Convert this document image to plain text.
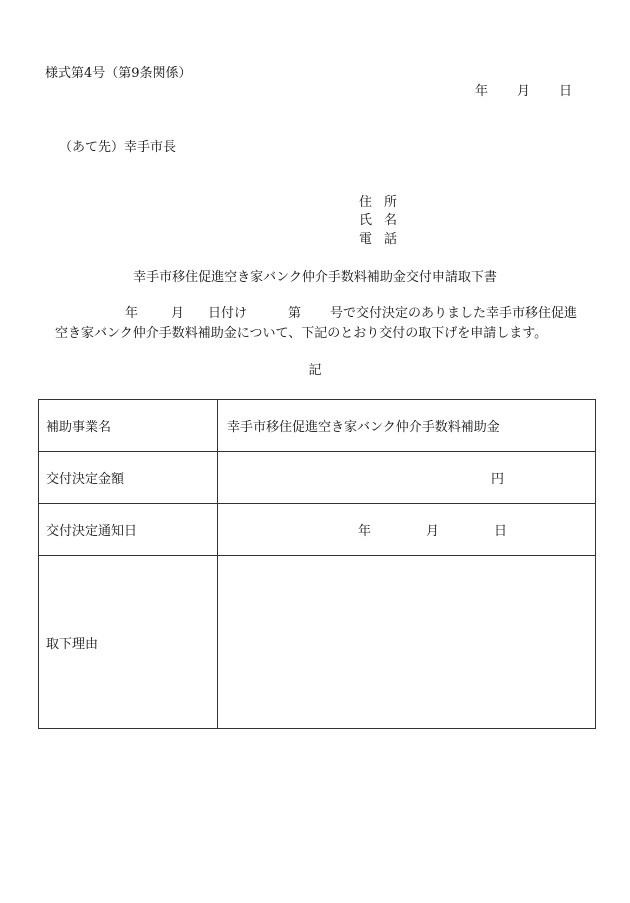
様式第4号（第9条関係）
年 月 日
（あて先）幸手市長
住 所
氏 名
電 話
幸手市移住促進空き家バンク仲介手数料補助金交付申請取下書
年	月 日付け	第 号で交付決定のありました幸手市移住促進
空き家バンク仲介手数料補助金について、下記のとおり交付の取下げを申請します。
記
補助事業名	幸手市移住促進空き家バンク仲介手数料補助金
交付決定金額	円
交付決定通知日	年 月 日
取下理由	
